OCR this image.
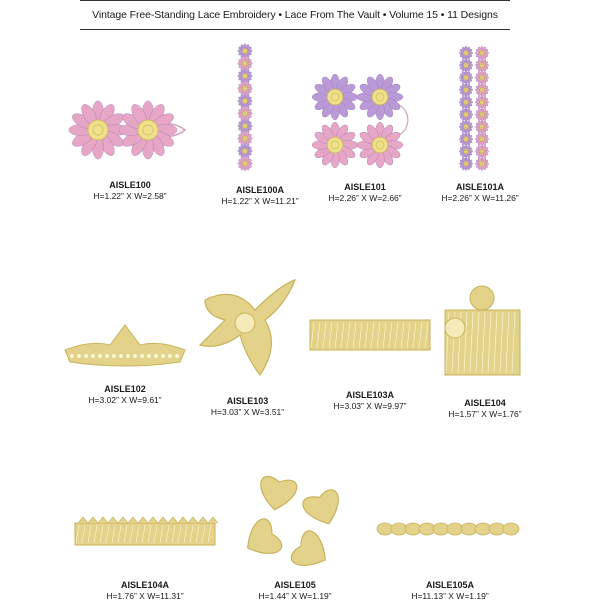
Vintage Free-Standing Lace Embroidery • Lace From The Vault • Volume 15 • 11 Designs
AISLE100
H=1.22” X W=2.58”
AISLE100A
H=1.22” X W=11.21”
AISLE101
H=2.26” X W=2.66”
AISLE101A
H=2.26” X W=11.26”
AISLE102
H=3.02” X W=9.61”	AISLE103
H=3.03” X W=3.51”
AISLE103A
H=3.03” X W=9.97”	AISLE104
H=1.57” X W=1.76”
AISLE104A
H=1.76” X W=11.31”
AISLE105
H=1.44” X W=1.19”
AISLE105A
H=11.13” X W=1.19”
